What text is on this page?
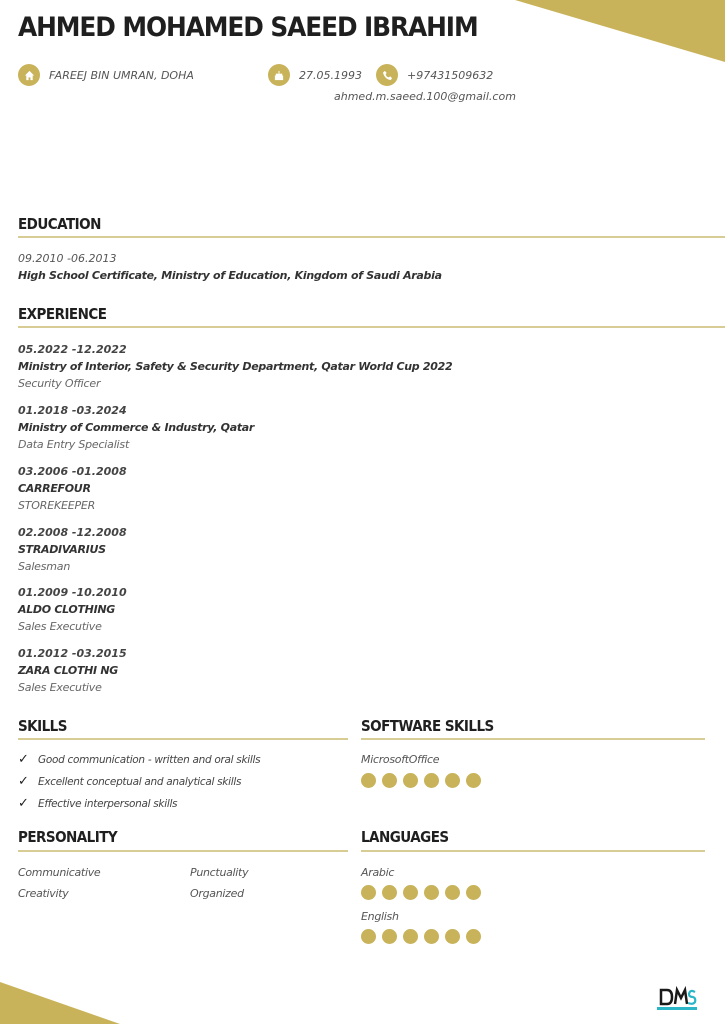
AHMED MOHAMED SAEED IBRAHIM
FAREEJ BIN UMRAN, DOHA	27.05.1993	+97431509632
ahmed.m.saeed.100@gmail.com
EDUCATION
09.2010 -06.2013
High School Certificate, Ministry of Education, Kingdom of Saudi Arabia
EXPERIENCE
05.2022 -12.2022
Ministry of Interior, Safety & Security Department, Qatar World Cup 2022
Security Officer
01.2018 -03.2024
Ministry of Commerce & Industry, Qatar
Data Entry Specialist
03.2006 -01.2008
CARREFOUR
STOREKEEPER
02.2008 -12.2008
STRADIVARIUS
Salesman
01.2009 -10.2010
ALDO CLOTHING
Sales Executive
01.2012 -03.2015
ZARA CLOTHI NG
Sales Executive
SKILLS
✓ Good communication - written and oral skills
✓ Excellent conceptual and analytical skills
✓ Effective interpersonal skills
SOFTWARE SKILLS
MicrosoftOffice
PERSONALITY
Communicative	Punctuality
Creativity	Organized
LANGUAGES
Arabic
English
